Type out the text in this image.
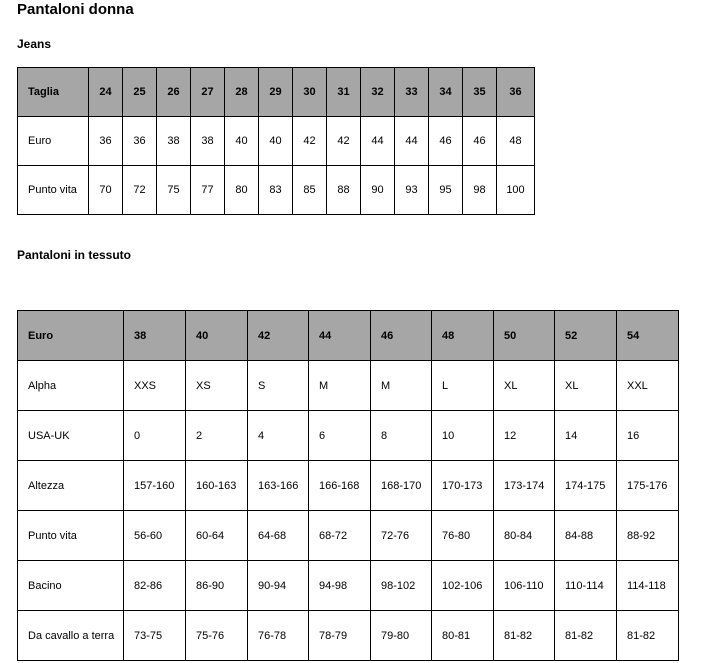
Pantaloni donna
Jeans
Taglia	24	25	26	27	28	29	30	31	32	33	34	35	36
Euro	36	36	38	38	40	40	42	42	44	44	46	46	48
Punto vita	70	72	75	77	80	83	85	88	90	93	95	98	100
Pantaloni in tessuto
Euro	38	40	42	44	46	48	50	52	54
Alpha	XXS	XS	S	M	M	L	XL	XL	XXL
USA-UK	0	2	4	6	8	10	12	14	16
Altezza	157-160	160-163	163-166	166-168	168-170	170-173	173-174	174-175	175-176
Punto vita	56-60	60-64	64-68	68-72	72-76	76-80	80-84	84-88	88-92
Bacino	82-86	86-90	90-94	94-98	98-102	102-106	106-110	110-114	114-118
Da cavallo a terra	73-75	75-76	76-78	78-79	79-80	80-81	81-82	81-82	81-82
